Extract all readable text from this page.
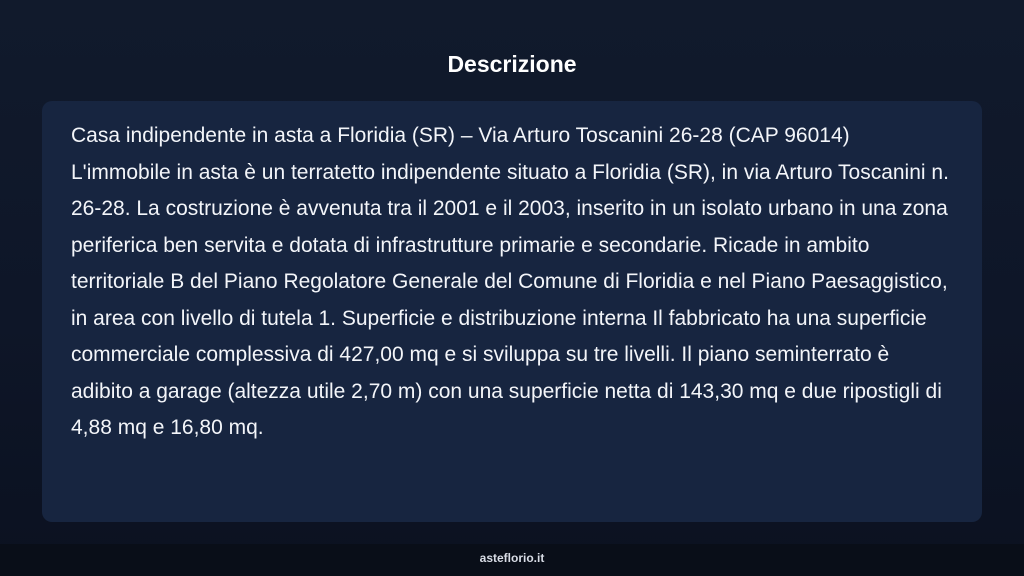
Descrizione

Casa indipendente in asta a Floridia (SR) – Via Arturo Toscanini 26-28 (CAP 96014) L'immobile in asta è un terratetto indipendente situato a Floridia (SR), in via Arturo Toscanini n. 26-28. La costruzione è avvenuta tra il 2001 e il 2003, inserito in un isolato urbano in una zona periferica ben servita e dotata di infrastrutture primarie e secondarie. Ricade in ambito territoriale B del Piano Regolatore Generale del Comune di Floridia e nel Piano Paesaggistico, in area con livello di tutela 1. Superficie e distribuzione interna Il fabbricato ha una superficie commerciale complessiva di 427,00 mq e si sviluppa su tre livelli. Il piano seminterrato è adibito a garage (altezza utile 2,70 m) con una superficie netta di 143,30 mq e due ripostigli di 4,88 mq e 16,80 mq.

asteflorio.it
